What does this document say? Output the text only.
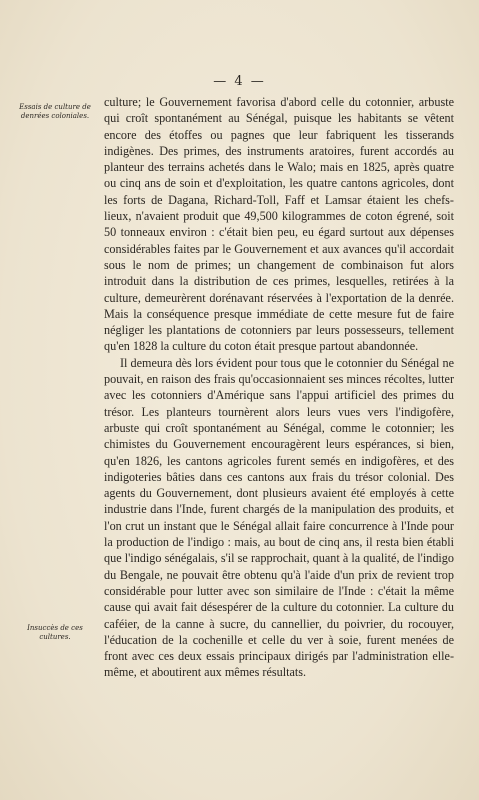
— 4 —
Essais de culture de denrées coloniales.
Insuccès de ces cultures.

culture; le Gouvernement favorisa d'abord celle du cotonnier, arbuste qui croît spontanément au Sénégal, puisque les habitants se vêtent encore des étoffes ou pagnes que leur fabriquent les tisserands indigènes. Des primes, des instruments aratoires, furent accordés au planteur des terrains achetés dans le Walo; mais en 1825, après quatre ou cinq ans de soin et d'exploitation, les quatre cantons agricoles, dont les forts de Dagana, Richard-Toll, Faff et Lamsar étaient les chefs-lieux, n'avaient produit que 49,500 kilogrammes de coton égrené, soit 50 tonneaux environ : c'était bien peu, eu égard surtout aux dépenses considérables faites par le Gouvernement et aux avances qu'il accordait sous le nom de primes; un changement de combinaison fut alors introduit dans la distribution de ces primes, lesquelles, retirées à la culture, demeurèrent dorénavant réservées à l'exportation de la denrée. Mais la conséquence presque immédiate de cette mesure fut de faire négliger les plantations de cotonniers par leurs possesseurs, tellement qu'en 1828 la culture du coton était presque partout abandonnée.

Il demeura dès lors évident pour tous que le cotonnier du Sénégal ne pouvait, en raison des frais qu'occasionnaient ses minces récoltes, lutter avec les cotonniers d'Amérique sans l'appui artificiel des primes du trésor. Les planteurs tournèrent alors leurs vues vers l'indigofère, arbuste qui croît spontanément au Sénégal, comme le cotonnier; les chimistes du Gouvernement encouragèrent leurs espérances, si bien, qu'en 1826, les cantons agricoles furent semés en indigofères, et des indigoteries bâties dans ces cantons aux frais du trésor colonial. Des agents du Gouvernement, dont plusieurs avaient été employés à cette industrie dans l'Inde, furent chargés de la manipulation des produits, et l'on crut un instant que le Sénégal allait faire concurrence à l'Inde pour la production de l'indigo : mais, au bout de cinq ans, il resta bien établi que l'indigo sénégalais, s'il se rapprochait, quant à la qualité, de l'indigo du Bengale, ne pouvait être obtenu qu'à l'aide d'un prix de revient trop considérable pour lutter avec son similaire de l'Inde : c'était la même cause qui avait fait désespérer de la culture du cotonnier. La culture du caféier, de la canne à sucre, du cannellier, du poivrier, du rocouyer, l'éducation de la cochenille et celle du ver à soie, furent menées de front avec ces deux essais principaux dirigés par l'administration elle-même, et aboutirent aux mêmes résultats.
